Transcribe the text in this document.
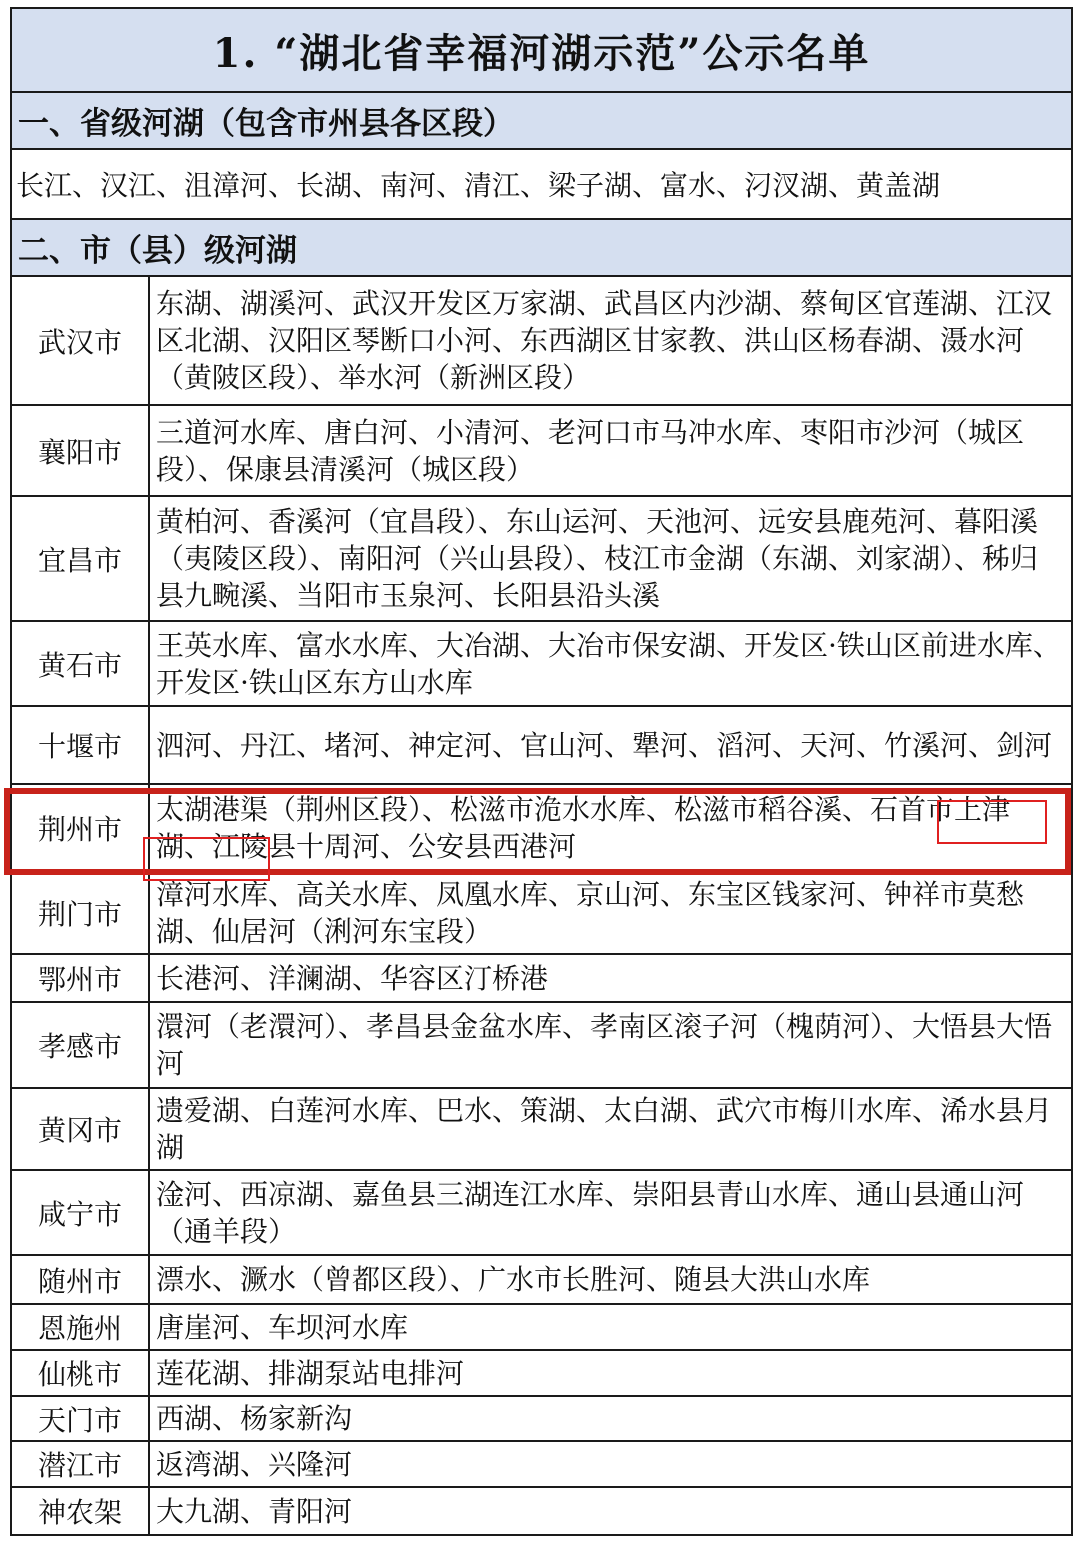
1. “湖北省幸福河湖示范”公示名单	
一、省级河湖（包含市州县各区段）	
长江、汉江、沮漳河、长湖、南河、清江、梁子湖、富水、汈汊湖、黄盖湖	
二、市（县）级河湖	
武汉市	东湖、湖溪河、武汉开发区万家湖、武昌区内沙湖、蔡甸区官莲湖、江汉区北湖、汉阳区琴断口小河、东西湖区甘家教、洪山区杨春湖、滠水河（黄陂区段）、举水河（新洲区段）
襄阳市	三道河水库、唐白河、小清河、老河口市马冲水库、枣阳市沙河（城区段）、保康县清溪河（城区段）
宜昌市	黄柏河、香溪河（宜昌段）、东山运河、天池河、远安县鹿苑河、暮阳溪（夷陵区段）、南阳河（兴山县段）、枝江市金湖（东湖、刘家湖）、秭归县九畹溪、当阳市玉泉河、长阳县沿头溪
黄石市	王英水库、富水水库、大冶湖、大冶市保安湖、开发区·铁山区前进水库、开发区·铁山区东方山水库
十堰市	泗河、丹江、堵河、神定河、官山河、犟河、滔河、天河、竹溪河、剑河
荆州市	太湖港渠（荆州区段）、松滋市洈水水库、松滋市稻谷溪、石首市上津湖、江陵县十周河、公安县西港河
荆门市	漳河水库、高关水库、凤凰水库、京山河、东宝区钱家河、钟祥市莫愁湖、仙居河（浰河东宝段）
鄂州市	长港河、洋澜湖、华容区汀桥港
孝感市	澴河（老澴河）、孝昌县金盆水库、孝南区滚子河（槐荫河）、大悟县大悟河
黄冈市	遗爱湖、白莲河水库、巴水、策湖、太白湖、武穴市梅川水库、浠水县月湖
咸宁市	淦河、西凉湖、嘉鱼县三湖连江水库、崇阳县青山水库、通山县通山河（通羊段）
随州市	漂水、㵐水（曾都区段）、广水市长胜河、随县大洪山水库
恩施州	唐崖河、车坝河水库
仙桃市	莲花湖、排湖泵站电排河
天门市	西湖、杨家新沟
潜江市	返湾湖、兴隆河
神农架	大九湖、青阳河
